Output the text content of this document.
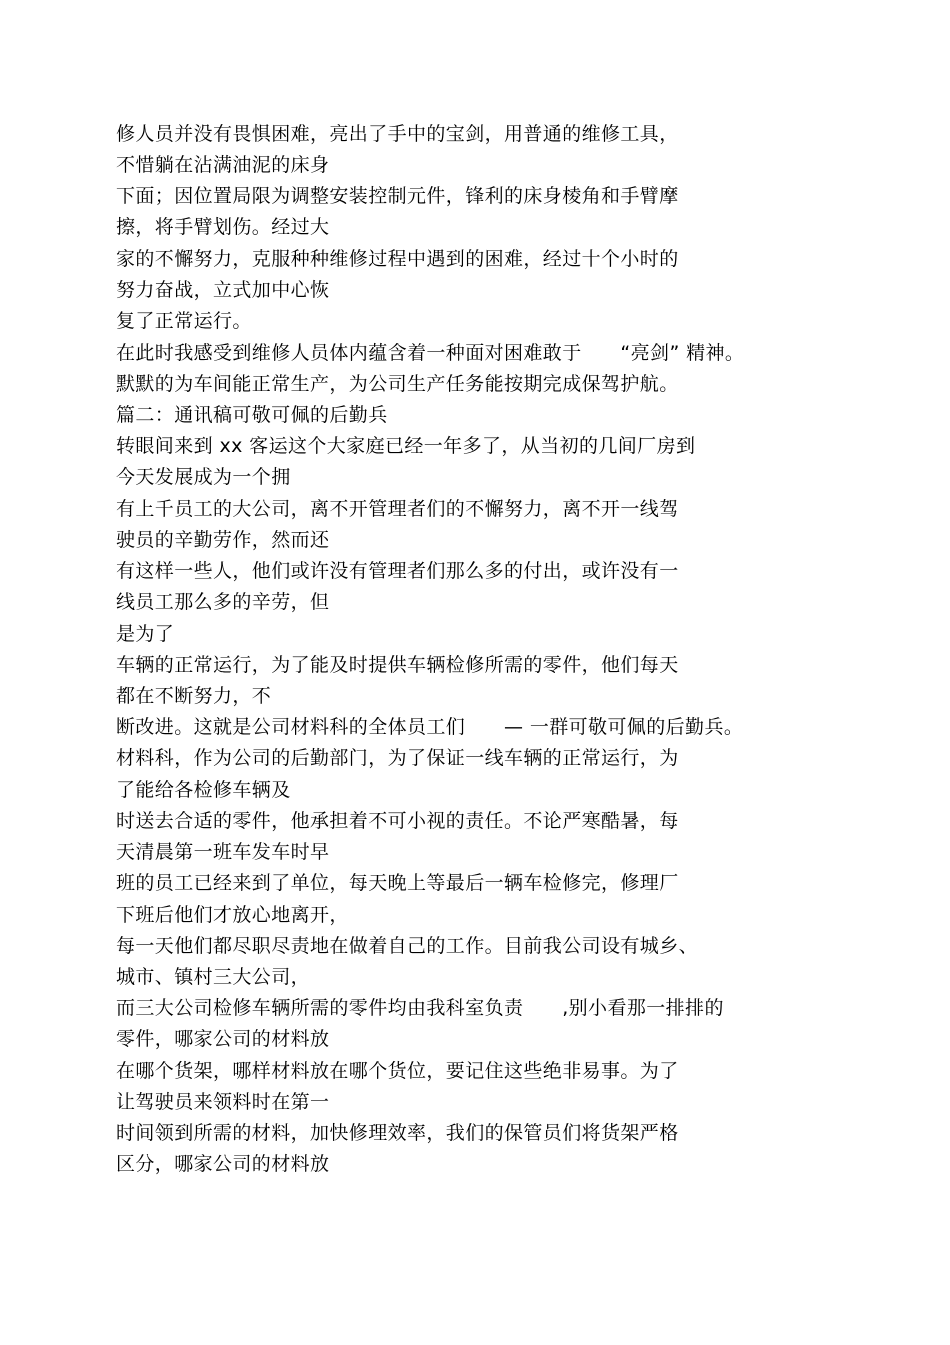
修人员并没有畏惧困难，亮出了手中的宝剑，用普通的维修工具，
不惜躺在沾满油泥的床身
下面；因位置局限为调整安装控制元件，锋利的床身棱角和手臂摩
擦，将手臂划伤。经过大
家的不懈努力，克服种种维修过程中遇到的困难，经过十个小时的
努力奋战，立式加中心恢
复了正常运行。
在此时我感受到维修人员体内蕴含着一种面对困难敢于　　“亮剑” 精神。
默默的为车间能正常生产，为公司生产任务能按期完成保驾护航。
篇二：通讯稿可敬可佩的后勤兵
转眼间来到 xx 客运这个大家庭已经一年多了，从当初的几间厂房到
今天发展成为一个拥
有上千员工的大公司，离不开管理者们的不懈努力，离不开一线驾
驶员的辛勤劳作，然而还
有这样一些人，他们或许没有管理者们那么多的付出，或许没有一
线员工那么多的辛劳，但
是为了
车辆的正常运行，为了能及时提供车辆检修所需的零件，他们每天
都在不断努力，不
断改进。这就是公司材料科的全体员工们　　— 一群可敬可佩的后勤兵。
材料科，作为公司的后勤部门，为了保证一线车辆的正常运行，为
了能给各检修车辆及
时送去合适的零件，他承担着不可小视的责任。不论严寒酷暑，每
天清晨第一班车发车时早
班的员工已经来到了单位，每天晚上等最后一辆车检修完，修理厂
下班后他们才放心地离开，
每一天他们都尽职尽责地在做着自己的工作。目前我公司设有城乡、
城市、镇村三大公司，
而三大公司检修车辆所需的零件均由我科室负责　　,别小看那一排排的
零件，哪家公司的材料放
在哪个货架，哪样材料放在哪个货位，要记住这些绝非易事。为了
让驾驶员来领料时在第一
时间领到所需的材料，加快修理效率，我们的保管员们将货架严格
区分，哪家公司的材料放
